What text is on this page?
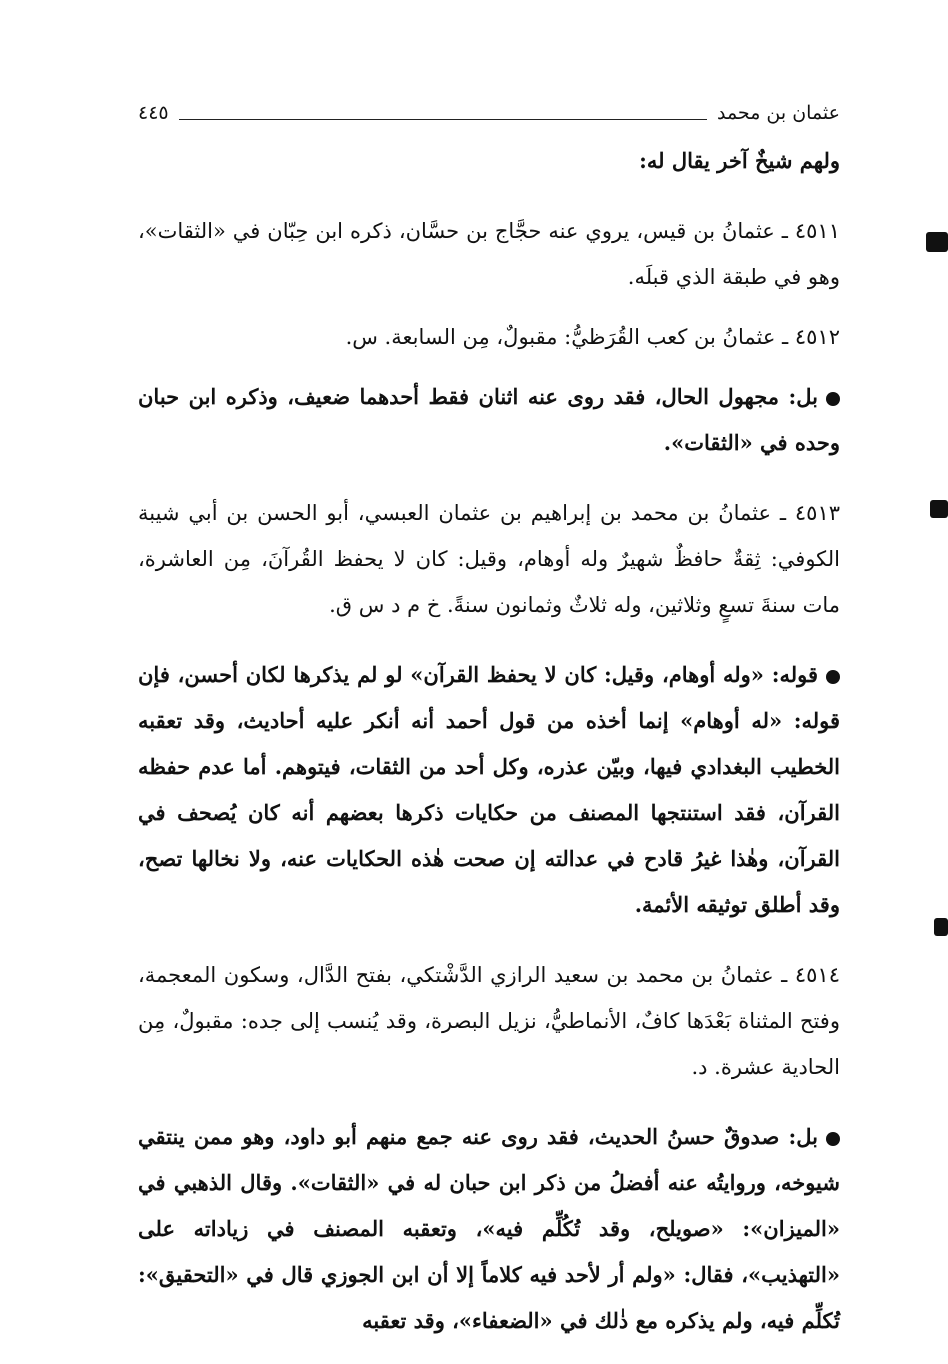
عثمان بن محمد
٤٤٥

ولهم شيخٌ آخر يقال له:

٤٥١١ ـ عثمانُ بن قيس، يروي عنه حجَّاج بن حسَّان، ذكره ابن حِبّان في «الثقات»، وهو في طبقة الذي قبلَه.

٤٥١٢ ـ عثمانُ بن كعب القُرَظيُّ: مقبولٌ، مِن السابعة. س.

بل: مجهول الحال، فقد روى عنه اثنان فقط أحدهما ضعيف، وذكره ابن حبان وحده في «الثقات».

٤٥١٣ ـ عثمانُ بن محمد بن إبراهيم بن عثمان العبسي، أبو الحسن بن أبي شيبة الكوفي: ثِقةٌ حافظٌ شهيرٌ وله أوهام، وقيل: كان لا يحفظ القُرآنَ، مِن العاشرة، مات سنةَ تسعٍ وثلاثين، وله ثلاثٌ وثمانون سنةً. خ م د س ق.

قوله: «وله أوهام، وقيل: كان لا يحفظ القرآن» لو لم يذكرها لكان أحسن، فإن قوله: «له أوهام» إنما أخذه من قول أحمد أنه أنكر عليه أحاديث، وقد تعقبه الخطيب البغدادي فيها، وبيّن عذره، وكل أحد من الثقات، فيتوهم. أما عدم حفظه القرآن، فقد استنتجها المصنف من حكايات ذكرها بعضهم أنه كان يُصحف في القرآن، وهٰذا غيرُ قادح في عدالته إن صحت هٰذه الحكايات عنه، ولا نخالها تصح، وقد أطلق توثيقه الأئمة.

٤٥١٤ ـ عثمانُ بن محمد بن سعيد الرازي الدَّشْتكي، بفتح الدَّال، وسكون المعجمة، وفتح المثناة بَعْدَها كافٌ، الأنماطيُّ، نزيل البصرة، وقد يُنسب إلى جده: مقبولٌ، مِن الحادية عشرة. د.

بل: صدوقٌ حسنُ الحديث، فقد روى عنه جمع منهم أبو داود، وهو ممن ينتقي شيوخه، وروايتُه عنه أفضلُ من ذكر ابن حبان له في «الثقات». وقال الذهبي في «الميزان»: «صويلح، وقد تُكُلِّم فيه»، وتعقبه المصنف في زياداته على «التهذيب»، فقال: «ولم أر لأحد فيه كلاماً إلا أن ابن الجوزي قال في «التحقيق»: تُكلِّم فيه، ولم يذكره مع ذٰلك في «الضعفاء»، وقد تعقبه
